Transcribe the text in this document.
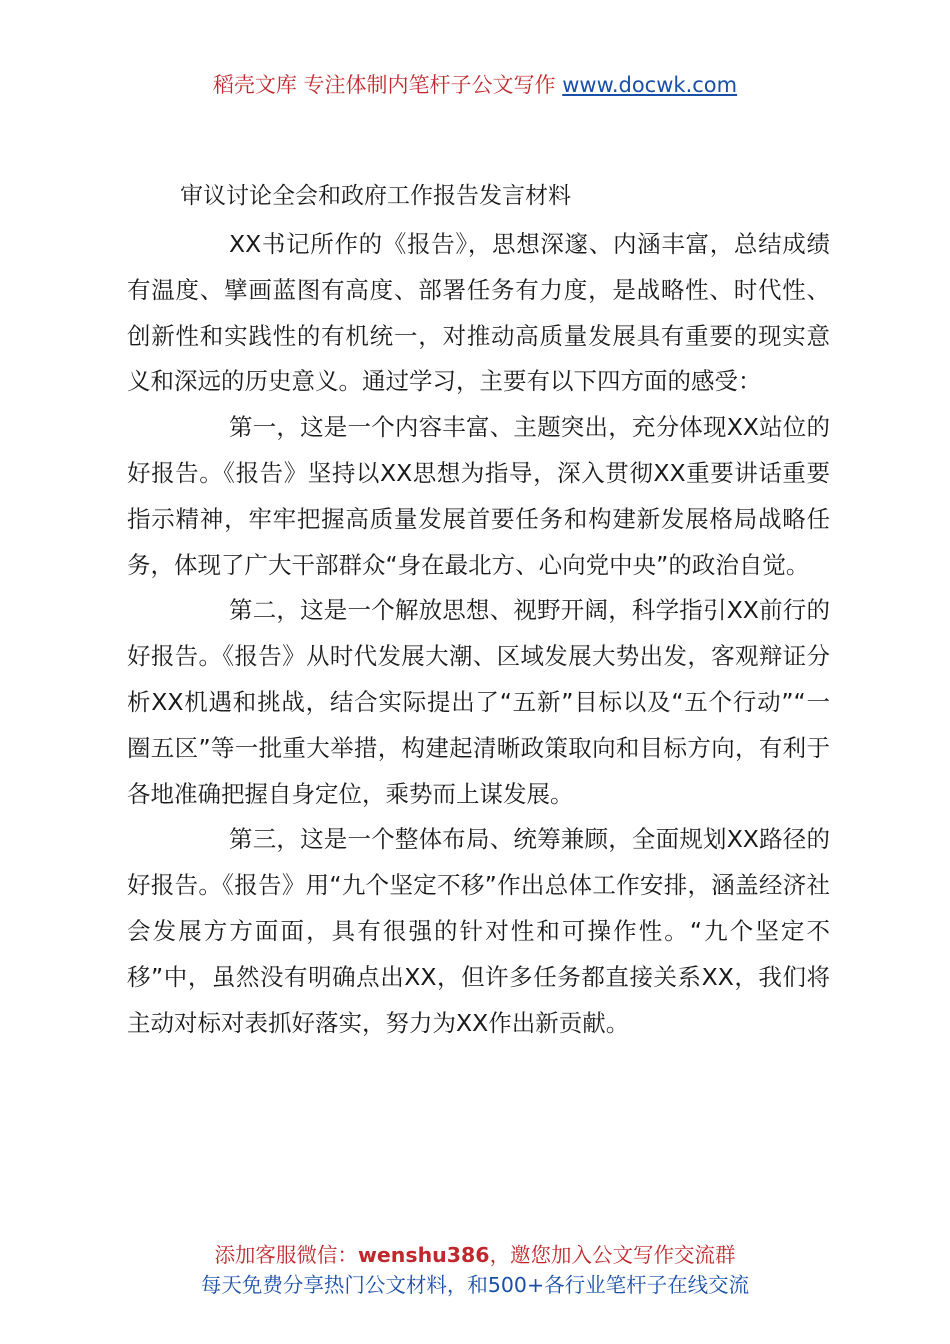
稻壳文库 专注体制内笔杆子公文写作 www.docwk.com
审议讨论全会和政府工作报告发言材料

XX书记所作的《报告》，思想深邃、内涵丰富，总结成绩有温度、擘画蓝图有高度、部署任务有力度，是战略性、时代性、创新性和实践性的有机统一，对推动高质量发展具有重要的现实意义和深远的历史意义。通过学习，主要有以下四方面的感受：

第一，这是一个内容丰富、主题突出，充分体现XX站位的好报告。《报告》坚持以XX思想为指导，深入贯彻XX重要讲话重要指示精神，牢牢把握高质量发展首要任务和构建新发展格局战略任务，体现了广大干部群众“身在最北方、心向党中央”的政治自觉。

第二，这是一个解放思想、视野开阔，科学指引XX前行的好报告。《报告》从时代发展大潮、区域发展大势出发，客观辩证分析XX机遇和挑战，结合实际提出了“五新”目标以及“五个行动”“一圈五区”等一批重大举措，构建起清晰政策取向和目标方向，有利于各地准确把握自身定位，乘势而上谋发展。

第三，这是一个整体布局、统筹兼顾，全面规划XX路径的好报告。《报告》用“九个坚定不移”作出总体工作安排，涵盖经济社会发展方方面面，具有很强的针对性和可操作性。“九个坚定不移”中，虽然没有明确点出XX，但许多任务都直接关系XX，我们将主动对标对表抓好落实，努力为XX作出新贡献。

添加客服微信：wenshu386，邀您加入公文写作交流群
每天免费分享热门公文材料，和500+各行业笔杆子在线交流
